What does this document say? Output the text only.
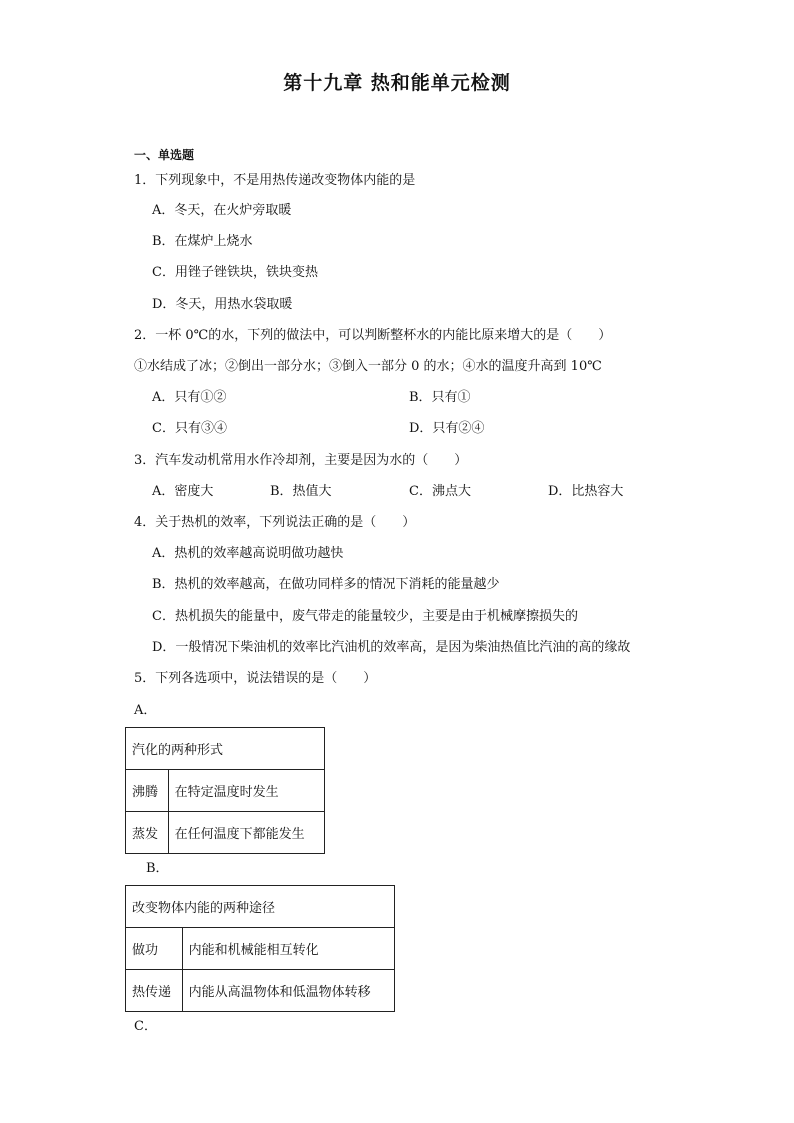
第十九章 热和能单元检测
一、单选题
1．下列现象中，不是用热传递改变物体内能的是
A．冬天，在火炉旁取暖
B．在煤炉上烧水
C．用锉子锉铁块，铁块变热
D．冬天，用热水袋取暖
2．一杯 0℃的水，下列的做法中，可以判断整杯水的内能比原来增大的是（　　）
①水结成了冰；②倒出一部分水；③倒入一部分 0 的水；④水的温度升高到 10℃
A．只有①②	B．只有①
C．只有③④	D．只有②④
3．汽车发动机常用水作冷却剂，主要是因为水的（　　）
A．密度大	B．热值大	C．沸点大	D．比热容大
4．关于热机的效率，下列说法正确的是（　　）
A．热机的效率越高说明做功越快
B．热机的效率越高，在做功同样多的情况下消耗的能量越少
C．热机损失的能量中，废气带走的能量较少，主要是由于机械摩擦损失的
D．一般情况下柴油机的效率比汽油机的效率高，是因为柴油热值比汽油的高的缘故
5．下列各选项中，说法错误的是（　　）
A．
汽化的两种形式	
沸腾	在特定温度时发生
蒸发	在任何温度下都能发生
B．
改变物体内能的两种途径	
做功	内能和机械能相互转化
热传递	内能从高温物体和低温物体转移
C．
